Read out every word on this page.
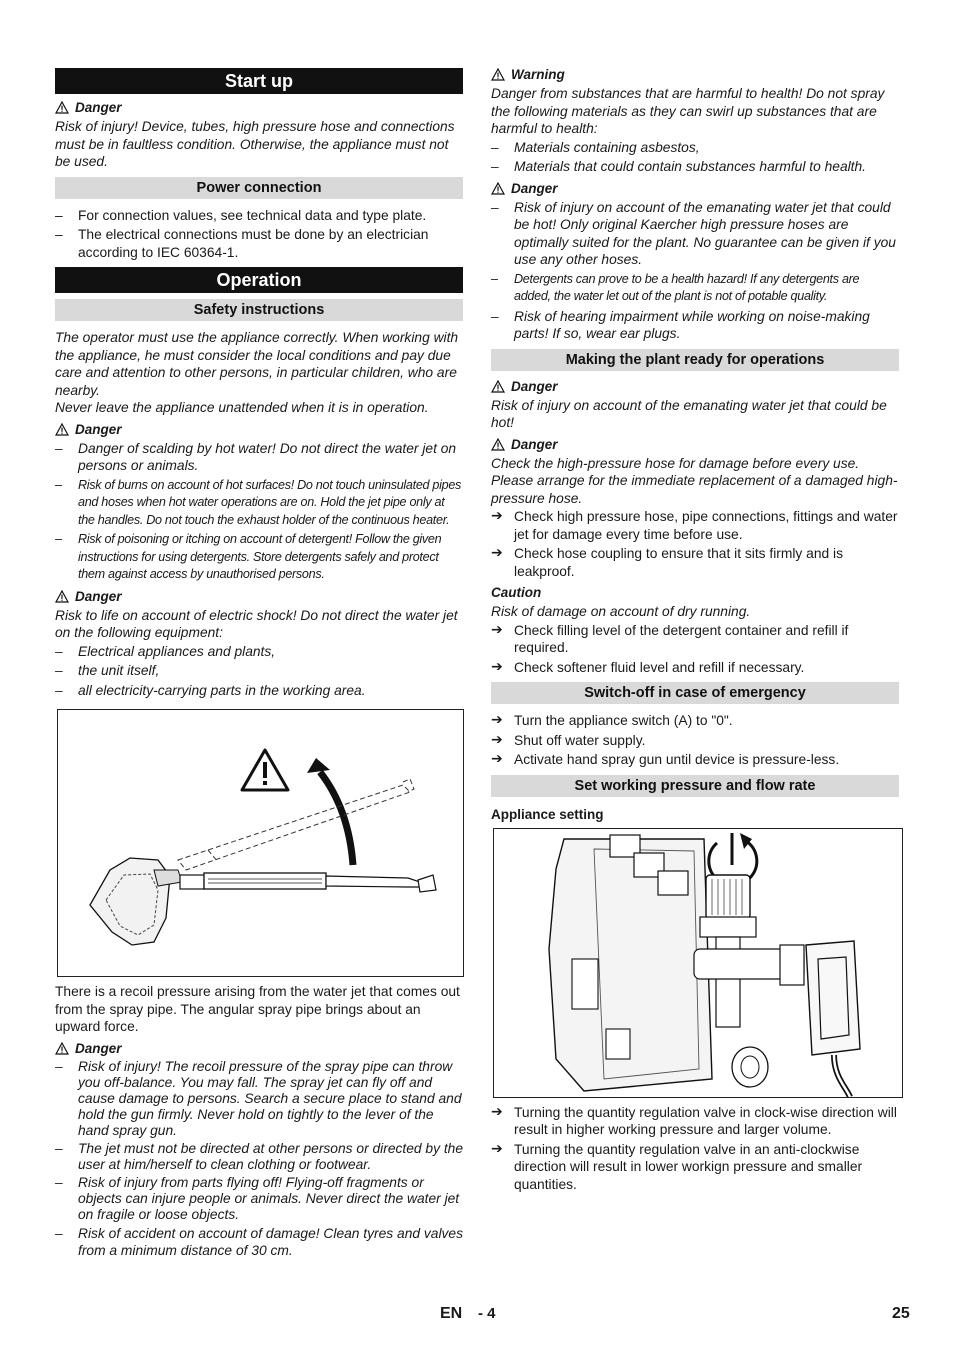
Start up
Danger

Risk of injury! Device, tubes, high pressure hose and connections must be in faultless condition. Otherwise, the appliance must not be used.

Power connection
– For connection values, see technical data and type plate.
– The electrical connections must be done by an electrician according to IEC 60364-1.
Operation
Safety instructions

The operator must use the appliance correctly. When working with the appliance, he must consider the local conditions and pay due care and attention to other persons, in particular children, who are nearby.

Never leave the appliance unattended when it is in operation.

Danger
– Danger of scalding by hot water! Do not direct the water jet on persons or animals.
– Risk of burns on account of hot surfaces! Do not touch uninsulated pipes and hoses when hot water operations are on. Hold the jet pipe only at the handles. Do not touch the exhaust holder of the continuous heater.
– Risk of poisoning or itching on account of detergent! Follow the given instructions for using detergents. Store detergents safely and protect them against access by unauthorised persons.
Danger

Risk to life on account of electric shock! Do not direct the water jet on the following equipment:

– Electrical appliances and plants,
– the unit itself,
– all electricity-carrying parts in the working area.

There is a recoil pressure arising from the water jet that comes out from the spray pipe. The angular spray pipe brings about an upward force.

Danger
– Risk of injury! The recoil pressure of the spray pipe can throw you off-balance. You may fall. The spray jet can fly off and cause damage to persons. Search a secure place to stand and hold the gun firmly. Never hold on tightly to the lever of the hand spray gun.
– The jet must not be directed at other persons or directed by the user at him/herself to clean clothing or footwear.
– Risk of injury from parts flying off! Flying-off fragments or objects can injure people or animals. Never direct the water jet on fragile or loose objects.
– Risk of accident on account of damage! Clean tyres and valves from a minimum distance of 30 cm.
Warning

Danger from substances that are harmful to health! Do not spray the following materials as they can swirl up substances that are harmful to health:

– Materials containing asbestos,
– Materials that could contain substances harmful to health.
Danger
– Risk of injury on account of the emanating water jet that could be hot! Only original Kaercher high pressure hoses are optimally suited for the plant. No guarantee can be given if you use any other hoses.
– Detergents can prove to be a health hazard! If any detergents are added, the water let out of the plant is not of potable quality.
– Risk of hearing impairment while working on noise-making parts! If so, wear ear plugs.
Making the plant ready for operations
Danger

Risk of injury on account of the emanating water jet that could be hot!

Danger

Check the high-pressure hose for damage before every use. Please arrange for the immediate replacement of a damaged high-pressure hose.

➔ Check high pressure hose, pipe connections, fittings and water jet for damage every time before use.
➔ Check hose coupling to ensure that it sits firmly and is leakproof.
Caution

Risk of damage on account of dry running.

➔ Check filling level of the detergent container and refill if required.
➔ Check softener fluid level and refill if necessary.
Switch-off in case of emergency
➔ Turn the appliance switch (A) to "0".
➔ Shut off water supply.
➔ Activate hand spray gun until device is pressure-less.
Set working pressure and flow rate
Appliance setting
➔ Turning the quantity regulation valve in clock-wise direction will result in higher working pressure and larger volume.
➔ Turning the quantity regulation valve in an anti-clockwise direction will result in lower workign pressure and smaller quantities.
EN - 4	25
